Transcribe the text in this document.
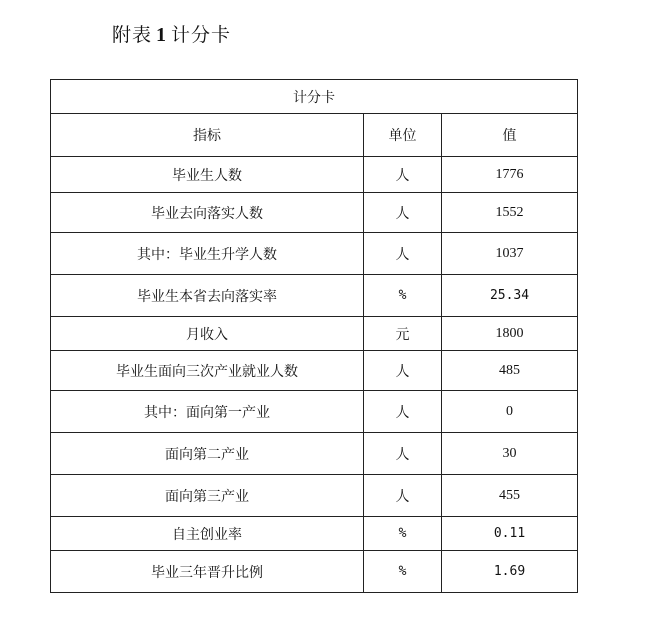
附表 1 计分卡
计分卡		
指标	单位	值
毕业生人数	人	1776
毕业去向落实人数	人	1552
其中：毕业生升学人数	人	1037
毕业生本省去向落实率	%	25.34
月收入	元	1800
毕业生面向三次产业就业人数	人	485
其中：面向第一产业	人	0
面向第二产业	人	30
面向第三产业	人	455
自主创业率	%	0.11
毕业三年晋升比例	%	1.69
